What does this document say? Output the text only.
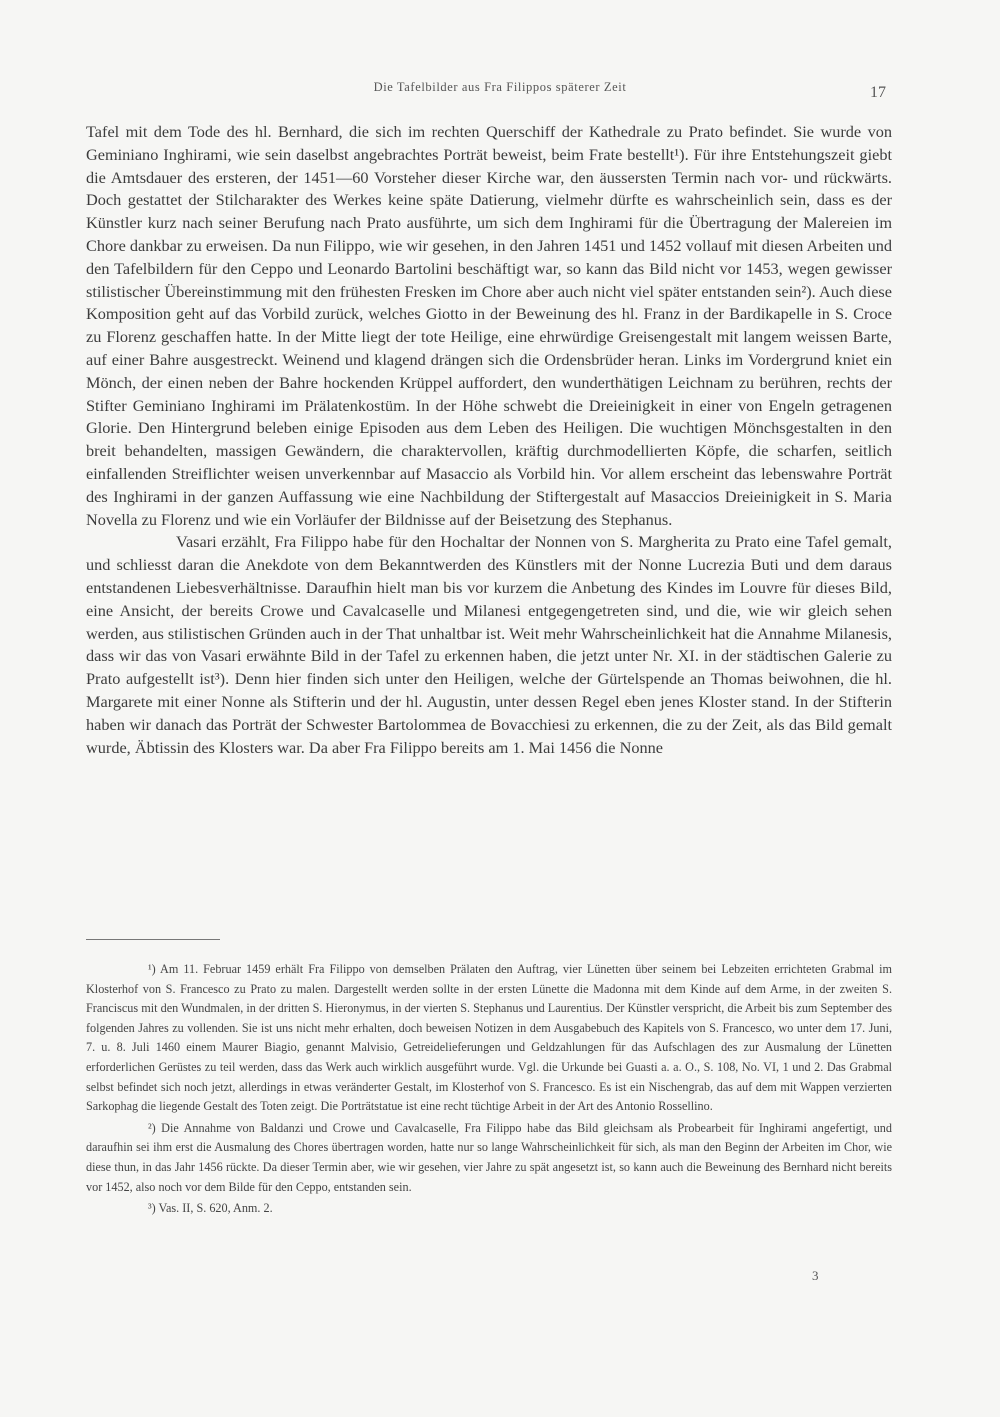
Die Tafelbilder aus Fra Filippos späterer Zeit	17

Tafel mit dem Tode des hl. Bernhard, die sich im rechten Querschiff der Kathedrale zu Prato befindet. Sie wurde von Geminiano Inghirami, wie sein daselbst angebrachtes Porträt beweist, beim Frate bestellt¹). Für ihre Entstehungszeit giebt die Amtsdauer des ersteren, der 1451—60 Vorsteher dieser Kirche war, den äussersten Termin nach vor- und rückwärts. Doch gestattet der Stilcharakter des Werkes keine späte Datierung, vielmehr dürfte es wahrscheinlich sein, dass es der Künstler kurz nach seiner Berufung nach Prato ausführte, um sich dem Inghirami für die Übertragung der Malereien im Chore dankbar zu erweisen. Da nun Filippo, wie wir gesehen, in den Jahren 1451 und 1452 vollauf mit diesen Arbeiten und den Tafelbildern für den Ceppo und Leonardo Bartolini beschäftigt war, so kann das Bild nicht vor 1453, wegen gewisser stilistischer Übereinstimmung mit den frühesten Fresken im Chore aber auch nicht viel später entstanden sein²). Auch diese Komposition geht auf das Vorbild zurück, welches Giotto in der Beweinung des hl. Franz in der Bardikapelle in S. Croce zu Florenz geschaffen hatte. In der Mitte liegt der tote Heilige, eine ehrwürdige Greisengestalt mit langem weissen Barte, auf einer Bahre ausgestreckt. Weinend und klagend drängen sich die Ordensbrüder heran. Links im Vordergrund kniet ein Mönch, der einen neben der Bahre hockenden Krüppel auffordert, den wunderthätigen Leichnam zu berühren, rechts der Stifter Geminiano Inghirami im Prälatenkostüm. In der Höhe schwebt die Dreieinigkeit in einer von Engeln getragenen Glorie. Den Hintergrund beleben einige Episoden aus dem Leben des Heiligen. Die wuchtigen Mönchsgestalten in den breit behandelten, massigen Gewändern, die charaktervollen, kräftig durchmodellierten Köpfe, die scharfen, seitlich einfallenden Streiflichter weisen unverkennbar auf Masaccio als Vorbild hin. Vor allem erscheint das lebenswahre Porträt des Inghirami in der ganzen Auffassung wie eine Nachbildung der Stiftergestalt auf Masaccios Dreieinigkeit in S. Maria Novella zu Florenz und wie ein Vorläufer der Bildnisse auf der Beisetzung des Stephanus.

Vasari erzählt, Fra Filippo habe für den Hochaltar der Nonnen von S. Margherita zu Prato eine Tafel gemalt, und schliesst daran die Anekdote von dem Bekanntwerden des Künstlers mit der Nonne Lucrezia Buti und dem daraus entstandenen Liebesverhältnisse. Daraufhin hielt man bis vor kurzem die Anbetung des Kindes im Louvre für dieses Bild, eine Ansicht, der bereits Crowe und Cavalcaselle und Milanesi entgegengetreten sind, und die, wie wir gleich sehen werden, aus stilistischen Gründen auch in der That unhaltbar ist. Weit mehr Wahrscheinlichkeit hat die Annahme Milanesis, dass wir das von Vasari erwähnte Bild in der Tafel zu erkennen haben, die jetzt unter Nr. XI. in der städtischen Galerie zu Prato aufgestellt ist³). Denn hier finden sich unter den Heiligen, welche der Gürtelspende an Thomas beiwohnen, die hl. Margarete mit einer Nonne als Stifterin und der hl. Augustin, unter dessen Regel eben jenes Kloster stand. In der Stifterin haben wir danach das Porträt der Schwester Bartolommea de Bovacchiesi zu erkennen, die zu der Zeit, als das Bild gemalt wurde, Äbtissin des Klosters war. Da aber Fra Filippo bereits am 1. Mai 1456 die Nonne

¹) Am 11. Februar 1459 erhält Fra Filippo von demselben Prälaten den Auftrag, vier Lünetten über seinem bei Lebzeiten errichteten Grabmal im Klosterhof von S. Francesco zu Prato zu malen. Dargestellt werden sollte in der ersten Lünette die Madonna mit dem Kinde auf dem Arme, in der zweiten S. Franciscus mit den Wundmalen, in der dritten S. Hieronymus, in der vierten S. Stephanus und Laurentius. Der Künstler verspricht, die Arbeit bis zum September des folgenden Jahres zu vollenden. Sie ist uns nicht mehr erhalten, doch beweisen Notizen in dem Ausgabebuch des Kapitels von S. Francesco, wo unter dem 17. Juni, 7. u. 8. Juli 1460 einem Maurer Biagio, genannt Malvisio, Getreidelieferungen und Geldzahlungen für das Aufschlagen des zur Ausmalung der Lünetten erforderlichen Gerüstes zu teil werden, dass das Werk auch wirklich ausgeführt wurde. Vgl. die Urkunde bei Guasti a. a. O., S. 108, No. VI, 1 und 2. Das Grabmal selbst befindet sich noch jetzt, allerdings in etwas veränderter Gestalt, im Klosterhof von S. Francesco. Es ist ein Nischengrab, das auf dem mit Wappen verzierten Sarkophag die liegende Gestalt des Toten zeigt. Die Porträtstatue ist eine recht tüchtige Arbeit in der Art des Antonio Rossellino.

²) Die Annahme von Baldanzi und Crowe und Cavalcaselle, Fra Filippo habe das Bild gleichsam als Probearbeit für Inghirami angefertigt, und daraufhin sei ihm erst die Ausmalung des Chores übertragen worden, hatte nur so lange Wahrscheinlichkeit für sich, als man den Beginn der Arbeiten im Chor, wie diese thun, in das Jahr 1456 rückte. Da dieser Termin aber, wie wir gesehen, vier Jahre zu spät angesetzt ist, so kann auch die Beweinung des Bernhard nicht bereits vor 1452, also noch vor dem Bilde für den Ceppo, entstanden sein.

³) Vas. II, S. 620, Anm. 2.

3
